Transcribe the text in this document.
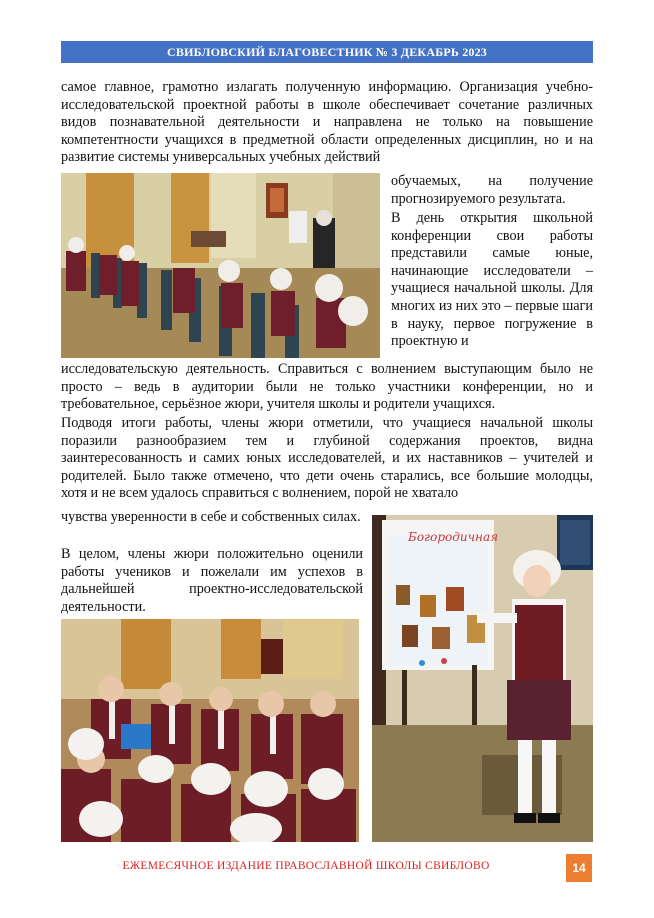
СВИБЛОВСКИЙ БЛАГОВЕСТНИК № 3 ДЕКАБРЬ 2023

самое главное, грамотно излагать полученную информацию. Организация учебно-исследовательской проектной работы в школе обеспечивает сочетание различных видов познавательной деятельности и направлена не только на повышение компетентности учащихся в предметной области определенных дисциплин, но и на развитие системы универсальных учебных действий

обучаемых, на получение прогнозируемого результата.

В день открытия школьной конференции свои работы представили самые юные, начинающие исследователи – учащиеся начальной школы. Для многих из них это – первые шаги в науку, первое погружение в проектную и

исследовательскую деятельность. Справиться с волнением выступающим было не просто – ведь в аудитории были не только участники конференции, но и требовательное, серьёзное жюри, учителя школы и родители учащихся.

Подводя итоги работы, члены жюри отметили, что учащиеся начальной школы поразили разнообразием тем и глубиной содержания проектов, видна заинтересованность и самих юных исследователей, и их наставников – учителей и родителей. Было также отмечено, что дети очень старались, все большие молодцы, хотя и не всем удалось справиться с волнением, порой не хватало

чувства уверенности в себе и собственных силах.

В целом, члены жюри положительно оценили работы учеников и пожелали им успехов в дальнейшей проектно-исследовательской деятельности.

Богородичная
ЕЖЕМЕСЯЧНОЕ ИЗДАНИЕ ПРАВОСЛАВНОЙ ШКОЛЫ СВИБЛОВО	14
